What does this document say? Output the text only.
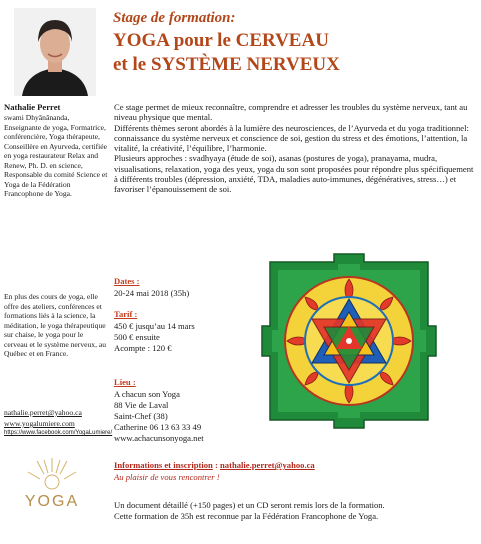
Nathalie Perret
swami Dhyânânanda, Enseignante de yoga, Formatrice, conférencière, Yoga thérapeute, Conseillère en Ayurveda, certifiée en yoga restaurateur Relax and Renew, Ph. D. en science, Responsable du comité Science et Yoga de la Fédération Francophone de Yoga.
En plus des cours de yoga, elle offre des ateliers, conférences et formations liés à la science, la méditation, le yoga thérapeutique sur chaise, le yoga pour le cerveau et le système nerveux, au Québec et en France.
nathalie.perret@yahoo.ca
www.yogalumiere.com
https://www.facebook.com/YogaLumiere/
YOGA
Stage de formation:
YOGA pour le CERVEAU
et le SYSTÈME NERVEUX
Ce stage permet de mieux reconnaître, comprendre et adresser les troubles du système nerveux, tant au niveau physique que mental.
Différents thèmes seront abordés à la lumière des neurosciences, de l’Ayurveda et du yoga traditionnel: connaissance du système nerveux et conscience de soi, gestion du stress et des émotions, l’attention, la vitalité, la créativité, l’équilibre, l’harmonie.
Plusieurs approches : svadhyaya (étude de soi), asanas (postures de yoga), pranayama, mudra, visualisations, relaxation, yoga des yeux, yoga du son sont proposées pour répondre plus spécifiquement à différents troubles (dépression, anxiété, TDA, maladies auto-immunes, dégénératives, stress…) et favoriser l’épanouissement de soi.
Dates :
20-24 mai 2018 (35h)
Tarif :
450 € jusqu’au 14 mars
500 € ensuite
Acompte : 120 €
Lieu :
A chacun son Yoga
88 Vie de Laval
Saint-Chef (38)
Catherine 06 13 63 33 49
www.achacunsonyoga.net
Informations et inscription : nathalie.perret@yahoo.ca
Au plaisir de vous rencontrer !
Un document détaillé (+150 pages) et un CD seront remis lors de la formation.
Cette formation de 35h est reconnue par la Fédération Francophone de Yoga.
